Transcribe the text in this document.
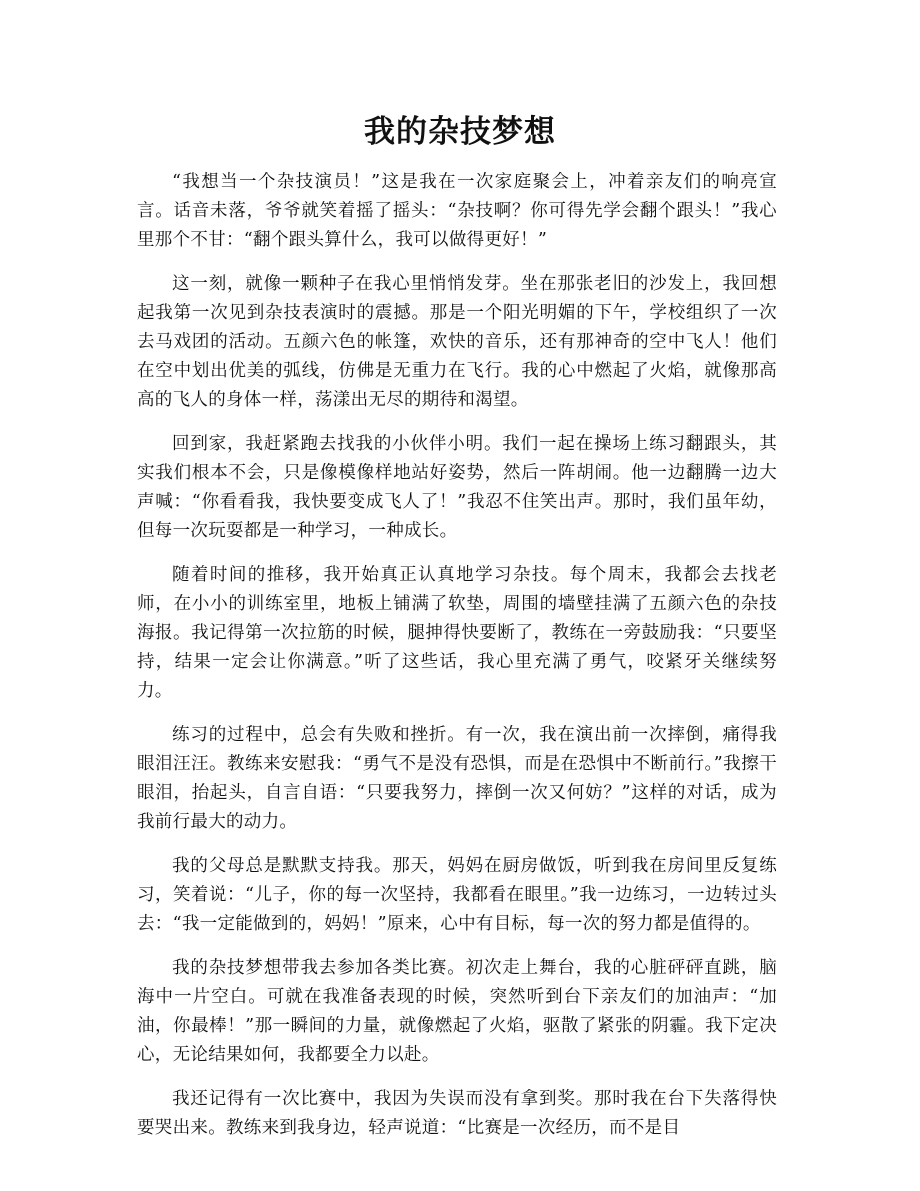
我的杂技梦想

“我想当一个杂技演员！”这是我在一次家庭聚会上，冲着亲友们的响亮宣言。话音未落，爷爷就笑着摇了摇头：“杂技啊？你可得先学会翻个跟头！”我心里那个不甘：“翻个跟头算什么，我可以做得更好！”

这一刻，就像一颗种子在我心里悄悄发芽。坐在那张老旧的沙发上，我回想起我第一次见到杂技表演时的震撼。那是一个阳光明媚的下午，学校组织了一次去马戏团的活动。五颜六色的帐篷，欢快的音乐，还有那神奇的空中飞人！他们在空中划出优美的弧线，仿佛是无重力在飞行。我的心中燃起了火焰，就像那高高的飞人的身体一样，荡漾出无尽的期待和渴望。

回到家，我赶紧跑去找我的小伙伴小明。我们一起在操场上练习翻跟头，其实我们根本不会，只是像模像样地站好姿势，然后一阵胡闹。他一边翻腾一边大声喊：“你看看我，我快要变成飞人了！”我忍不住笑出声。那时，我们虽年幼，但每一次玩耍都是一种学习，一种成长。

随着时间的推移，我开始真正认真地学习杂技。每个周末，我都会去找老师，在小小的训练室里，地板上铺满了软垫，周围的墙壁挂满了五颜六色的杂技海报。我记得第一次拉筋的时候，腿抻得快要断了，教练在一旁鼓励我：“只要坚持，结果一定会让你满意。”听了这些话，我心里充满了勇气，咬紧牙关继续努力。

练习的过程中，总会有失败和挫折。有一次，我在演出前一次摔倒，痛得我眼泪汪汪。教练来安慰我：“勇气不是没有恐惧，而是在恐惧中不断前行。”我擦干眼泪，抬起头，自言自语：“只要我努力，摔倒一次又何妨？”这样的对话，成为我前行最大的动力。

我的父母总是默默支持我。那天，妈妈在厨房做饭，听到我在房间里反复练习，笑着说：“儿子，你的每一次坚持，我都看在眼里。”我一边练习，一边转过头去：“我一定能做到的，妈妈！”原来，心中有目标，每一次的努力都是值得的。

我的杂技梦想带我去参加各类比赛。初次走上舞台，我的心脏砰砰直跳，脑海中一片空白。可就在我准备表现的时候，突然听到台下亲友们的加油声：“加油，你最棒！”那一瞬间的力量，就像燃起了火焰，驱散了紧张的阴霾。我下定决心，无论结果如何，我都要全力以赴。

我还记得有一次比赛中，我因为失误而没有拿到奖。那时我在台下失落得快要哭出来。教练来到我身边，轻声说道：“比赛是一次经历，而不是目
